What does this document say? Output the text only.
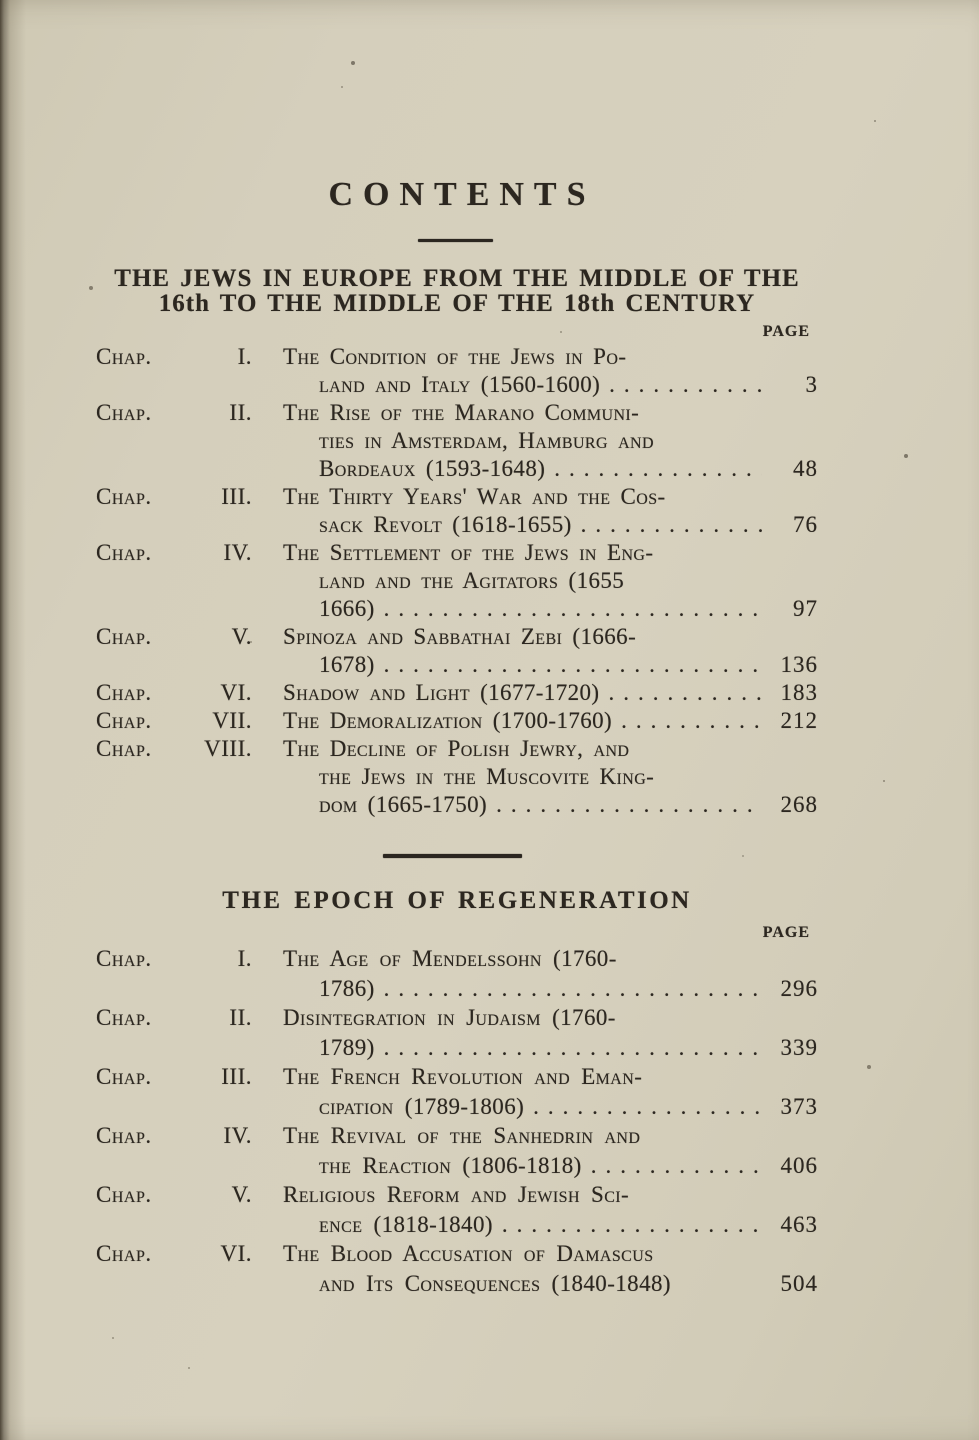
CONTENTS
THE JEWS IN EUROPE FROM THE MIDDLE OF THE
16th TO THE MIDDLE OF THE 18th CENTURY
PAGE
Chap.	I. The Condition of the Jews in Po-
land and Italy (1560-1600) .....	3
Chap.	II. The Rise of the Marano Communi-
ties in Amsterdam, Hamburg and
Bordeaux (1593-1648) .....	48
Chap.	III. The Thirty Years' War and the Cos-
sack Revolt (1618-1655) .....	76
Chap.	IV. The Settlement of the Jews in Eng-
land and the Agitators (1655
1666) .....	97
Chap.	V. Spinoza and Sabbathai Zebi (1666-
1678) .....	136
Chap.	VI. Shadow and Light (1677-1720) .....	183
Chap.	VII. The Demoralization (1700-1760) .....	212
Chap.	VIII. The Decline of Polish Jewry, and
the Jews in the Muscovite King-
dom (1665-1750) .....	268
THE EPOCH OF REGENERATION
PAGE
Chap.	I. The Age of Mendelssohn (1760-
1786) .....	296
Chap.	II. Disintegration in Judaism (1760-
1789) .....	339
Chap.	III. The French Revolution and Eman-
cipation (1789-1806) .....	373
Chap.	IV. The Revival of the Sanhedrin and
the Reaction (1806-1818) .....	406
Chap.	V. Religious Reform and Jewish Sci-
ence (1818-1840) .....	463
Chap.	VI. The Blood Accusation of Damascus
and Its Consequences (1840-1848)	504
